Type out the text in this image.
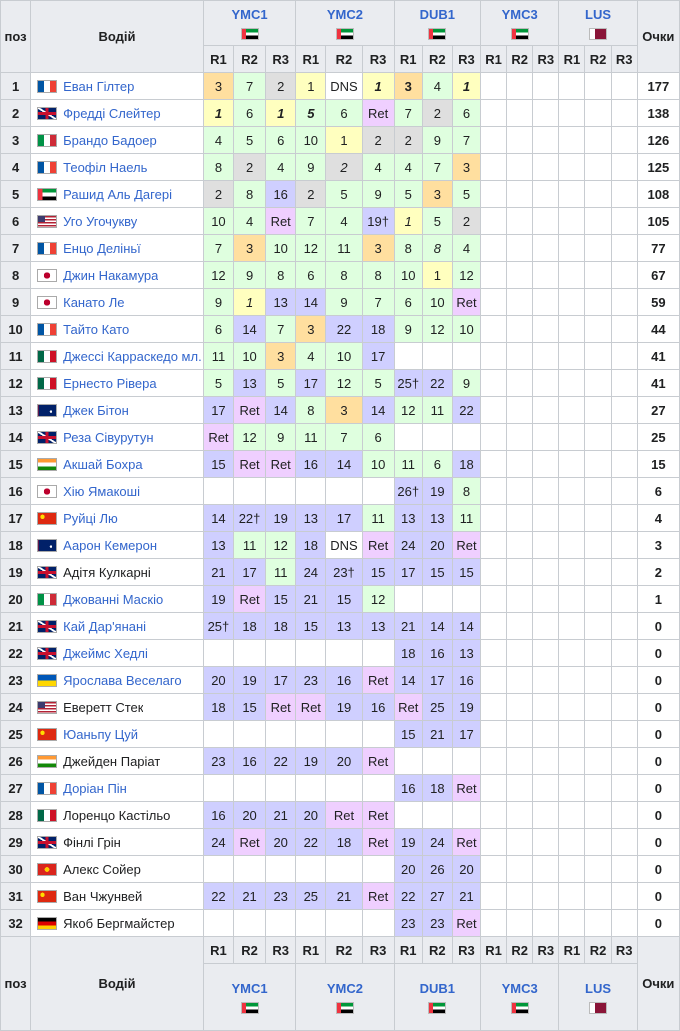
поз	Водій	YMC1			YMC2			DUB1			YMC3			LUS			Очки
		R1	R2	R3	R1	R2	R3	R1	R2	R3	R1	R2	R3	R1	R2	R3	
1	Еван Гілтер	3	7	2	1	DNS	1	3	4	1							177
2	Фредді Слейтер	1	6	1	5	6	Ret	7	2	6							138
3	Брандо Бадоер	4	5	6	10	1	2	2	9	7							126
4	Теофіл Наель	8	2	4	9	2	4	4	7	3							125
5	Рашид Аль Дагері	2	8	16	2	5	9	5	3	5							108
6	Уго Угочукву	10	4	Ret	7	4	19†	1	5	2							105
7	Енцо Деліньї	7	3	10	12	11	3	8	8	4							77
8	Джин Накамура	12	9	8	6	8	8	10	1	12							67
9	Канато Ле	9	1	13	14	9	7	6	10	Ret							59
10	Тайто Като	6	14	7	3	22	18	9	12	10							44
11	Джессі Карраскедо мл.	11	10	3	4	10	17										41
12	Ернесто Рівера	5	13	5	17	12	5	25†	22	9							41
13	Джек Бітон	17	Ret	14	8	3	14	12	11	22							27
14	Реза Сівурутун	Ret	12	9	11	7	6										25
15	Акшай Бохра	15	Ret	Ret	16	14	10	11	6	18							15
16	Хію Ямакоші							26†	19	8							6
17	Руйці Лю	14	22†	19	13	17	11	13	13	11							4
18	Аарон Кемерон	13	11	12	18	DNS	Ret	24	20	Ret							3
19	Адітя Кулкарні	21	17	11	24	23†	15	17	15	15							2
20	Джованні Маскіо	19	Ret	15	21	15	12										1
21	Кай Дар'янані	25†	18	18	15	13	13	21	14	14							0
22	Джеймс Хедлі							18	16	13							0
23	Ярослава Веселаго	20	19	17	23	16	Ret	14	17	16							0
24	Еверетт Стек	18	15	Ret	Ret	19	16	Ret	25	19							0
25	Юаньпу Цуй							15	21	17							0
26	Джейден Паріат	23	16	22	19	20	Ret										0
27	Доріан Пін							16	18	Ret							0
28	Лоренцо Кастільо	16	20	21	20	Ret	Ret										0
29	Фінлі Грін	24	Ret	20	22	18	Ret	19	24	Ret							0
30	Алекс Сойер							20	26	20							0
31	Ван Чжунвей	22	21	23	25	21	Ret	22	27	21							0
32	Якоб Бергмайстер							23	23	Ret							0
поз	Водій	R1	R2	R3	R1	R2	R3	R1	R2	R3	R1	R2	R3	R1	R2	R3	Очки

		YMC1			YMC2			DUB1			YMC3			LUS			
